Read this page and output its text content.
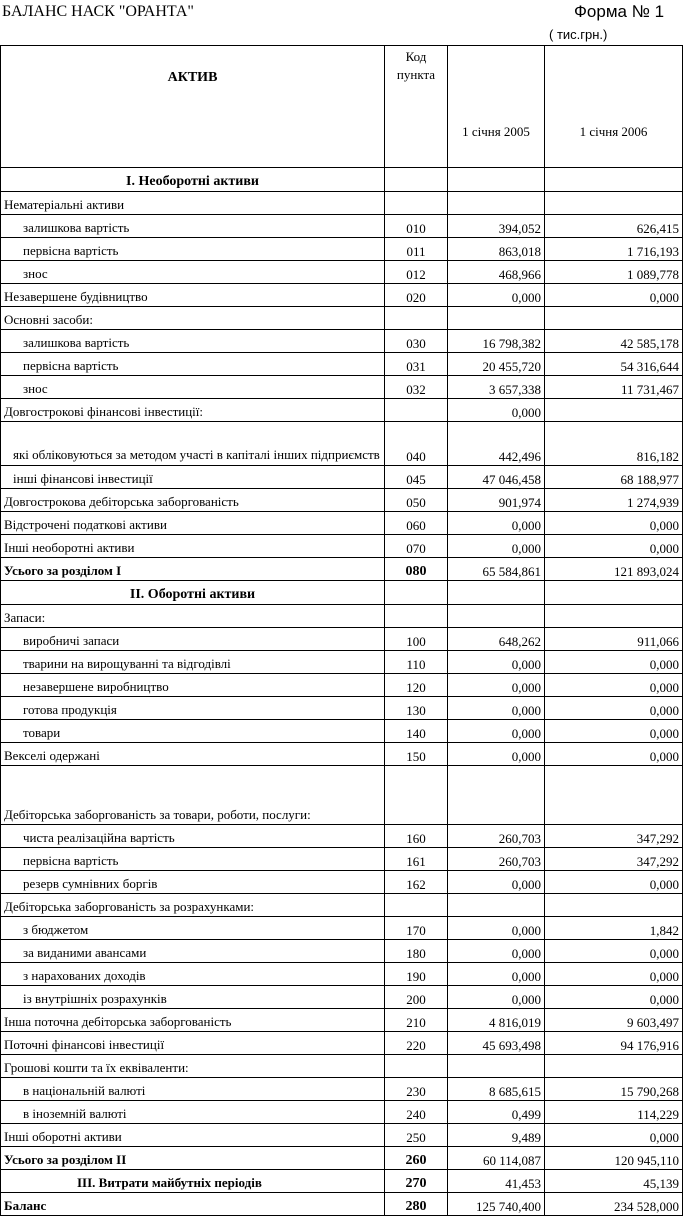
БАЛАНС НАСК "ОРАНТА"	Форма № 1
( тис.грн.)
АКТИВ	Код
пункта	1 січня 2005	1 січня 2006
І. Необоротні активи			
Нематеріальні активи			
залишкова вартість	010	394,052	626,415
первісна вартість	011	863,018	1 716,193
знос	012	468,966	1 089,778
Незавершене будівництво	020	0,000	0,000
Основні засоби:			
залишкова вартість	030	16 798,382	42 585,178
первісна вартість	031	20 455,720	54 316,644
знос	032	3 657,338	11 731,467
Довгострокові фінансові інвестиції:		0,000	
які обліковуються за методом участі в капіталі інших підприємств	040	442,496	816,182
інші фінансові інвестиції	045	47 046,458	68 188,977
Довгострокова дебіторська заборгованість	050	901,974	1 274,939
Відстрочені податкові активи	060	0,000	0,000
Інші необоротні активи	070	0,000	0,000
Усього за розділом І	080	65 584,861	121 893,024
ІІ. Оборотні активи			
Запаси:			
виробничі запаси	100	648,262	911,066
тварини на вирощуванні та відгодівлі	110	0,000	0,000
незавершене виробництво	120	0,000	0,000
готова продукція	130	0,000	0,000
товари	140	0,000	0,000
Векселі одержані	150	0,000	0,000
Дебіторська заборгованість за товари, роботи, послуги:			
чиста реалізаційна вартість	160	260,703	347,292
первісна вартість	161	260,703	347,292
резерв сумнівних боргів	162	0,000	0,000
Дебіторська заборгованість за розрахунками:			
з бюджетом	170	0,000	1,842
за виданими авансами	180	0,000	0,000
з нарахованих доходів	190	0,000	0,000
із внутрішніх розрахунків	200	0,000	0,000
Інша поточна дебіторська заборгованість	210	4 816,019	9 603,497
Поточні фінансові інвестиції	220	45 693,498	94 176,916
Грошові кошти та їх еквіваленти:			
в національній валюті	230	8 685,615	15 790,268
в іноземній валюті	240	0,499	114,229
Інші оборотні активи	250	9,489	0,000
Усього за розділом ІІ	260	60 114,087	120 945,110
ІІІ. Витрати майбутніх періодів	270	41,453	45,139
Баланс	280	125 740,400	234 528,000
